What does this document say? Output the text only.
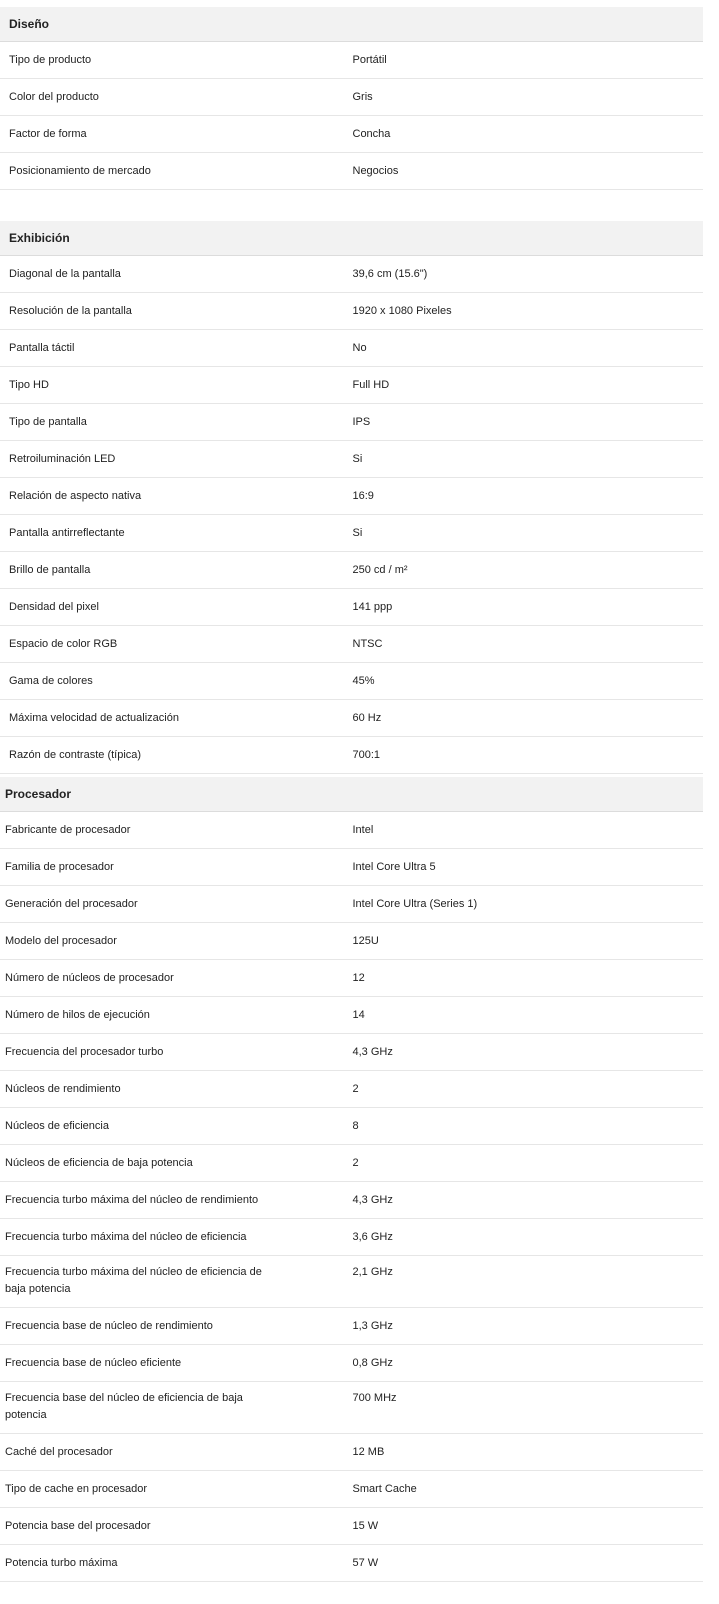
Diseño	
Tipo de producto	Portátil
Color del producto	Gris
Factor de forma	Concha
Posicionamiento de mercado	Negocios
Exhibición	
Diagonal de la pantalla	39,6 cm (15.6")
Resolución de la pantalla	1920 x 1080 Pixeles
Pantalla táctil	No
Tipo HD	Full HD
Tipo de pantalla	IPS
Retroiluminación LED	Si
Relación de aspecto nativa	16:9
Pantalla antirreflectante	Si
Brillo de pantalla	250 cd / m²
Densidad del pixel	141 ppp
Espacio de color RGB	NTSC
Gama de colores	45%
Máxima velocidad de actualización	60 Hz
Razón de contraste (típica)	700:1
Procesador	

Fabricante de procesador	Intel

Familia de procesador	Intel Core Ultra 5

Generación del procesador	Intel Core Ultra (Series 1)

Modelo del procesador	125U

Número de núcleos de procesador	12

Número de hilos de ejecución	14

Frecuencia del procesador turbo	4,3 GHz

Núcleos de rendimiento	2

Núcleos de eficiencia	8

Núcleos de eficiencia de baja potencia	2

Frecuencia turbo máxima del núcleo de rendimiento	4,3 GHz

Frecuencia turbo máxima del núcleo de eficiencia	3,6 GHz

Frecuencia turbo máxima del núcleo de eficiencia de baja potencia	2,1 GHz

Frecuencia base de núcleo de rendimiento	1,3 GHz

Frecuencia base de núcleo eficiente	0,8 GHz

Frecuencia base del núcleo de eficiencia de baja potencia	700 MHz

Caché del procesador	12 MB

Tipo de cache en procesador	Smart Cache

Potencia base del procesador	15 W

Potencia turbo máxima	57 W
